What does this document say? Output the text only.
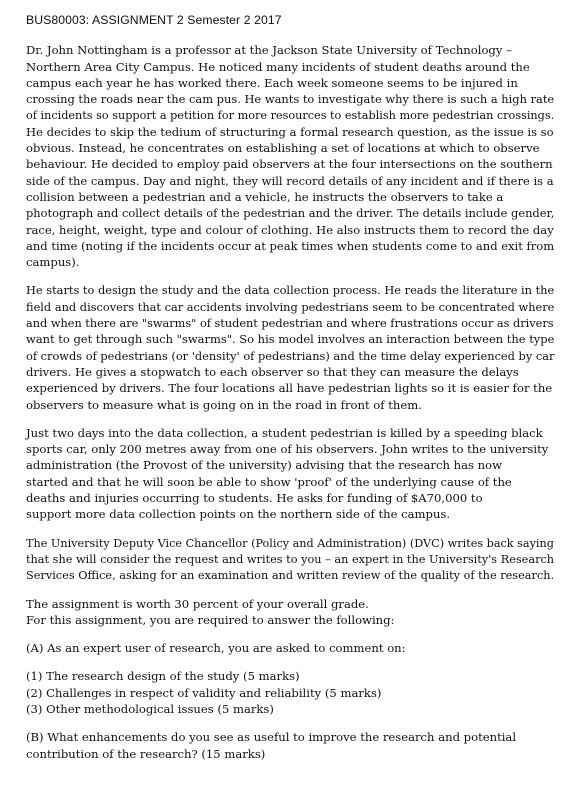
BUS80003: ASSIGNMENT 2 Semester 2 2017
Dr. John Nottingham is a professor at the Jackson State University of Technology –
Northern Area City Campus. He noticed many incidents of student deaths around the
campus each year he has worked there. Each week someone seems to be injured in
crossing the roads near the cam pus. He wants to investigate why there is such a high rate
of incidents so support a petition for more resources to establish more pedestrian crossings.
He decides to skip the tedium of structuring a formal research question, as the issue is so
obvious. Instead, he concentrates on establishing a set of locations at which to observe
behaviour. He decided to employ paid observers at the four intersections on the southern
side of the campus. Day and night, they will record details of any incident and if there is a
collision between a pedestrian and a vehicle, he instructs the observers to take a
photograph and collect details of the pedestrian and the driver. The details include gender,
race, height, weight, type and colour of clothing. He also instructs them to record the day
and time (noting if the incidents occur at peak times when students come to and exit from
campus).
He starts to design the study and the data collection process. He reads the literature in the
field and discovers that car accidents involving pedestrians seem to be concentrated where
and when there are "swarms" of student pedestrian and where frustrations occur as drivers
want to get through such "swarms". So his model involves an interaction between the type
of crowds of pedestrians (or 'density' of pedestrians) and the time delay experienced by car
drivers. He gives a stopwatch to each observer so that they can measure the delays
experienced by drivers. The four locations all have pedestrian lights so it is easier for the
observers to measure what is going on in the road in front of them.
Just two days into the data collection, a student pedestrian is killed by a speeding black
sports car, only 200 metres away from one of his observers. John writes to the university
administration (the Provost of the university) advising that the research has now
started and that he will soon be able to show 'proof' of the underlying cause of the
deaths and injuries occurring to students. He asks for funding of $A70,000 to
support more data collection points on the northern side of the campus.
The University Deputy Vice Chancellor (Policy and Administration) (DVC) writes back saying
that she will consider the request and writes to you – an expert in the University's Research
Services Office, asking for an examination and written review of the quality of the research.
The assignment is worth 30 percent of your overall grade.
For this assignment, you are required to answer the following:
(A) As an expert user of research, you are asked to comment on:
(1) The research design of the study (5 marks)
(2) Challenges in respect of validity and reliability (5 marks)
(3) Other methodological issues (5 marks)
(B) What enhancements do you see as useful to improve the research and potential
contribution of the research? (15 marks)
